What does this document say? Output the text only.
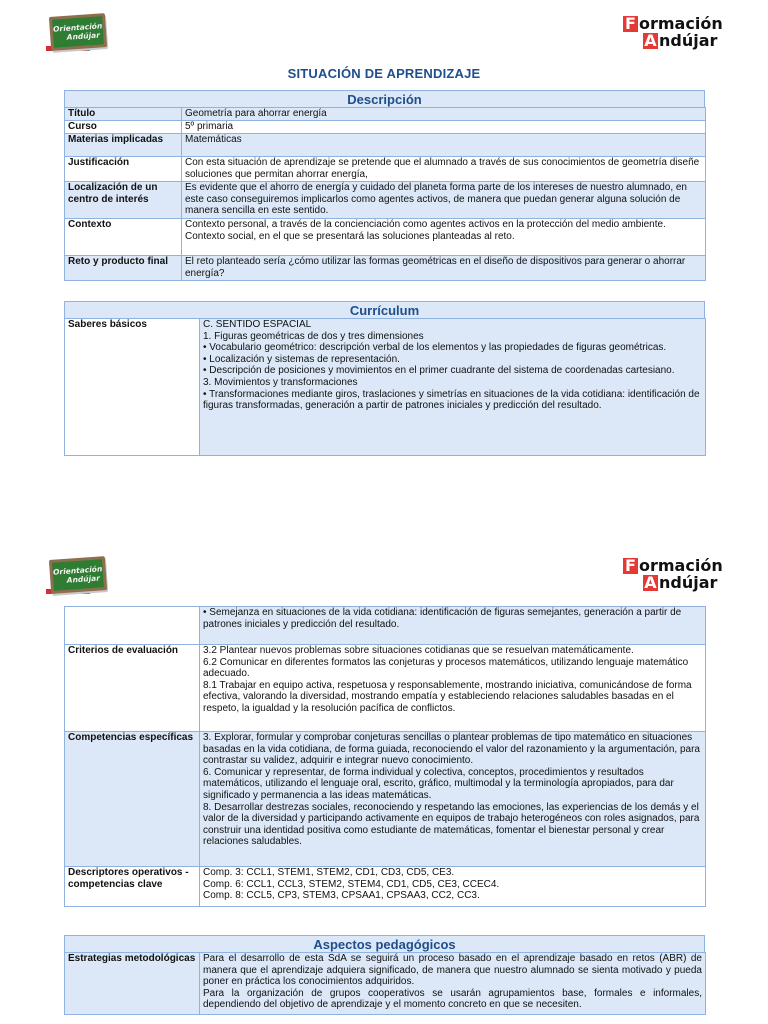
Orientación
Andújar
F ormación
A ndújar
SITUACIÓN DE APRENDIZAJE
Descripción
Título	Geometría para ahorrar energía
Curso	5º primaria
Materias implicadas	Matemáticas
Justificación	Con esta situación de aprendizaje se pretende que el alumnado a través de sus conocimientos de geometría diseñe soluciones que permitan ahorrar energía,
Localización de un centro de interés	Es evidente que el ahorro de energía y cuidado del planeta forma parte de los intereses de nuestro alumnado, en este caso conseguiremos implicarlos como agentes activos, de manera que puedan generar alguna solución de manera sencilla en este sentido.
Contexto	Contexto personal, a través de la concienciación como agentes activos en la protección del medio ambiente.
Contexto social, en el que se presentará las soluciones planteadas al reto.
Reto y producto final	El reto planteado sería ¿cómo utilizar las formas geométricas en el diseño de dispositivos para generar o ahorrar energía?
Currículum
Saberes básicos	C. SENTIDO ESPACIAL
1. Figuras geométricas de dos y tres dimensiones
• Vocabulario geométrico: descripción verbal de los elementos y las propiedades de figuras geométricas.
• Localización y sistemas de representación.
• Descripción de posiciones y movimientos en el primer cuadrante del sistema de coordenadas cartesiano.
3. Movimientos y transformaciones
• Transformaciones mediante giros, traslaciones y simetrías en situaciones de la vida cotidiana: identificación de figuras transformadas, generación a partir de patrones iniciales y predicción del resultado.
Orientación
Andújar
F ormación
A ndújar
	• Semejanza en situaciones de la vida cotidiana: identificación de figuras semejantes, generación a partir de patrones iniciales y predicción del resultado.
Criterios de evaluación	3.2 Plantear nuevos problemas sobre situaciones cotidianas que se resuelvan matemáticamente.
6.2 Comunicar en diferentes formatos las conjeturas y procesos matemáticos, utilizando lenguaje matemático adecuado.
8.1 Trabajar en equipo activa, respetuosa y responsablemente, mostrando iniciativa, comunicándose de forma efectiva, valorando la diversidad, mostrando empatía y estableciendo relaciones saludables basadas en el respeto, la igualdad y la resolución pacífica de conflictos.
Competencias específicas	3. Explorar, formular y comprobar conjeturas sencillas o plantear problemas de tipo matemático en situaciones basadas en la vida cotidiana, de forma guiada, reconociendo el valor del razonamiento y la argumentación, para contrastar su validez, adquirir e integrar nuevo conocimiento.
6. Comunicar y representar, de forma individual y colectiva, conceptos, procedimientos y resultados matemáticos, utilizando el lenguaje oral, escrito, gráfico, multimodal y la terminología apropiados, para dar significado y permanencia a las ideas matemáticas.
8. Desarrollar destrezas sociales, reconociendo y respetando las emociones, las experiencias de los demás y el valor de la diversidad y participando activamente en equipos de trabajo heterogéneos con roles asignados, para construir una identidad positiva como estudiante de matemáticas, fomentar el bienestar personal y crear relaciones saludables.
Descriptores operativos - competencias clave	Comp. 3: CCL1, STEM1, STEM2, CD1, CD3, CD5, CE3.
Comp. 6: CCL1, CCL3, STEM2, STEM4, CD1, CD5, CE3, CCEC4.
Comp. 8: CCL5, CP3, STEM3, CPSAA1, CPSAA3, CC2, CC3.
Aspectos pedagógicos
Estrategias metodológicas	Para el desarrollo de esta SdA se seguirá un proceso basado en el aprendizaje basado en retos (ABR) de manera que el aprendizaje adquiera significado, de manera que nuestro alumnado se sienta motivado y pueda poner en práctica los conocimientos adquiridos.
Para la organización de grupos cooperativos se usarán agrupamientos base, formales e informales, dependiendo del objetivo de aprendizaje y el momento concreto en que se necesiten.
